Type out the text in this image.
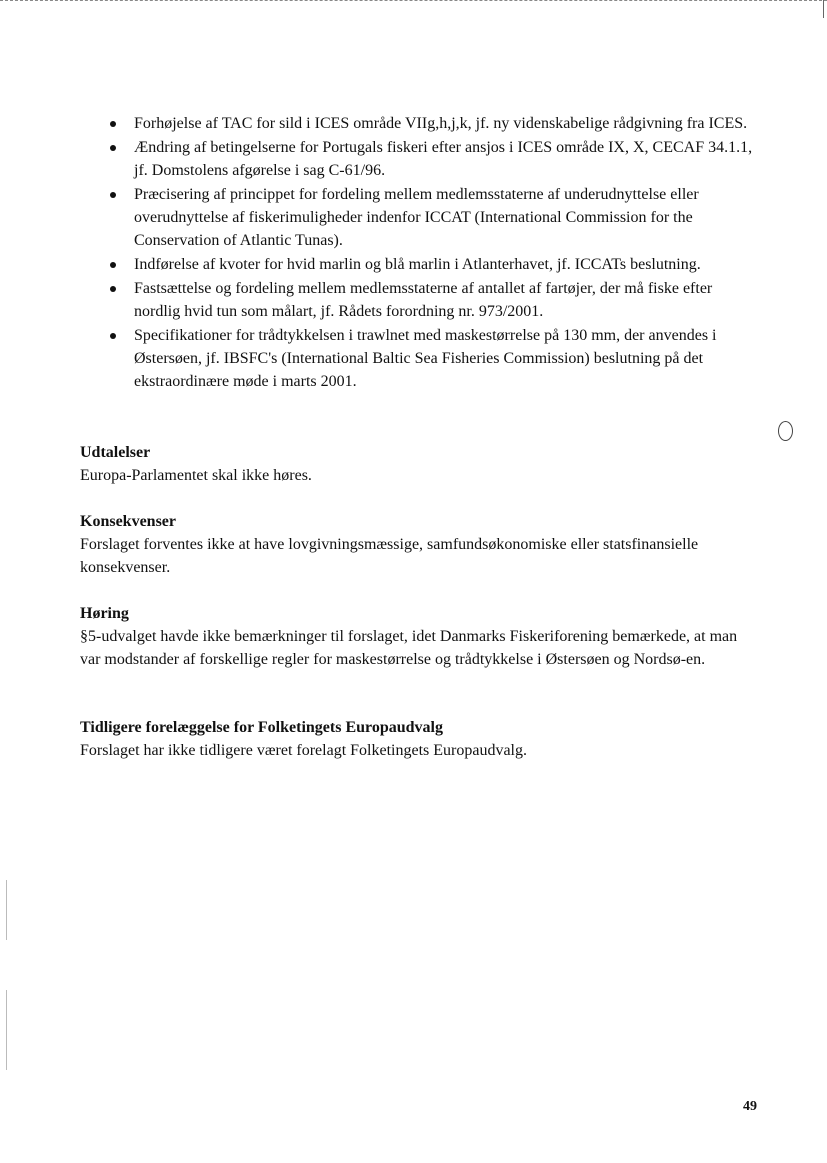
Forhøjelse af TAC for sild i ICES område VIIg,h,j,k, jf. ny videnskabelige rådgivning fra ICES.
Ændring af betingelserne for Portugals fiskeri efter ansjos i ICES område IX, X, CECAF 34.1.1, jf. Domstolens afgørelse i sag C-61/96.
Præcisering af princippet for fordeling mellem medlemsstaterne af underudnyttelse eller overudnyttelse af fiskerimuligheder indenfor ICCAT (International Commission for the Conservation of Atlantic Tunas).
Indførelse af kvoter for hvid marlin og blå marlin i Atlanterhavet, jf. ICCATs beslutning.
Fastsættelse og fordeling mellem medlemsstaterne af antallet af fartøjer, der må fiske efter nordlig hvid tun som målart, jf. Rådets forordning nr. 973/2001.
Specifikationer for trådtykkelsen i trawlnet med maskestørrelse på 130 mm, der anvendes i Østersøen, jf. IBSFC's (International Baltic Sea Fisheries Commission) beslutning på det ekstraordinære møde i marts 2001.
Udtalelser

Europa-Parlamentet skal ikke høres.

Konsekvenser

Forslaget forventes ikke at have lovgivningsmæssige, samfundsøkonomiske eller statsfinansielle konsekvenser.

Høring

§5-udvalget havde ikke bemærkninger til forslaget, idet Danmarks Fiskeriforening bemærkede, at man var modstander af forskellige regler for maskestørrelse og trådtykkelse i Østersøen og Nordsø-en.

Tidligere forelæggelse for Folketingets Europaudvalg

Forslaget har ikke tidligere været forelagt Folketingets Europaudvalg.

49
